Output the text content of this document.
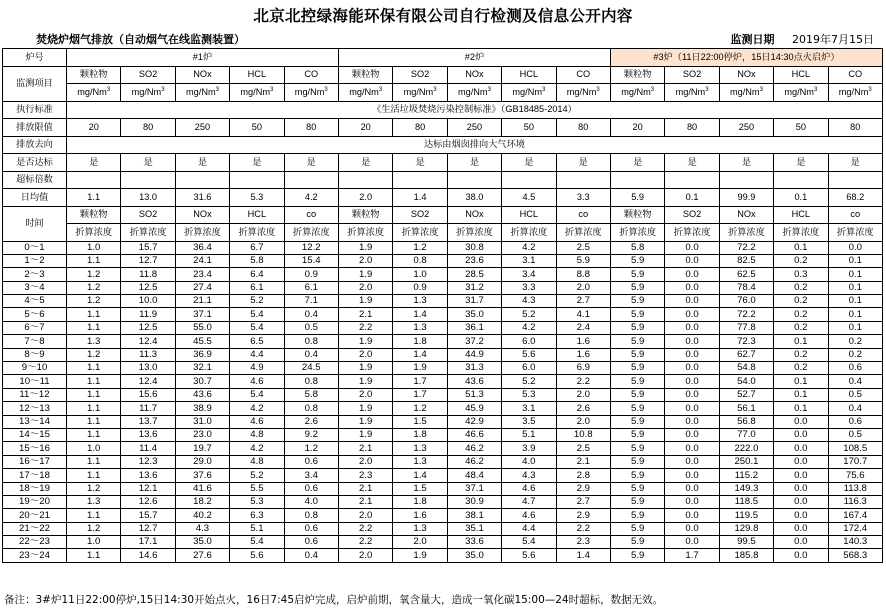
北京北控绿海能环保有限公司自行检测及信息公开内容
焚烧炉烟气排放（自动烟气在线监测装置）	监测日期 2019年7月15日
炉号	#1炉					#2炉					#3炉（11日22:00停炉，15日14:30点火启炉）				
监测项目	颗粒物	SO2	NOx	HCL	CO	颗粒物	SO2	NOx	HCL	CO	颗粒物	SO2	NOx	HCL	CO
	mg/Nm$^3$	mg/Nm$^3$	mg/Nm$^3$	mg/Nm$^3$	mg/Nm$^3$	mg/Nm$^3$	mg/Nm$^3$	mg/Nm$^3$	mg/Nm$^3$	mg/Nm$^3$	mg/Nm$^3$	mg/Nm$^3$	mg/Nm$^3$	mg/Nm$^3$	mg/Nm$^3$
执行标准	《生活垃圾焚烧污染控制标准》（GB18485-2014）														
排放限值	20	80	250	50	80	20	80	250	50	80	20	80	250	50	80
排放去向	达标由烟囱排向大气环境														
是否达标	是	是	是	是	是	是	是	是	是	是	是	是	是	是	是
超标倍数															
日均值	1.1	13.0	31.6	5.3	4.2	2.0	1.4	38.0	4.5	3.3	5.9	0.1	99.9	0.1	68.2
时间	颗粒物	SO2	NOx	HCL	co	颗粒物	SO2	NOx	HCL	co	颗粒物	SO2	NOx	HCL	co
	折算浓度	折算浓度	折算浓度	折算浓度	折算浓度	折算浓度	折算浓度	折算浓度	折算浓度	折算浓度	折算浓度	折算浓度	折算浓度	折算浓度	折算浓度
0～1	1.0	15.7	36.4	6.7	12.2	1.9	1.2	30.8	4.2	2.5	5.8	0.0	72.2	0.1	0.0
1～2	1.1	12.7	24.1	5.8	15.4	2.0	0.8	23.6	3.1	5.9	5.9	0.0	82.5	0.2	0.1
2～3	1.2	11.8	23.4	6.4	0.9	1.9	1.0	28.5	3.4	8.8	5.9	0.0	62.5	0.3	0.1
3～4	1.2	12.5	27.4	6.1	6.1	2.0	0.9	31.2	3.3	2.0	5.9	0.0	78.4	0.2	0.1
4～5	1.2	10.0	21.1	5.2	7.1	1.9	1.3	31.7	4.3	2.7	5.9	0.0	76.0	0.2	0.1
5～6	1.1	11.9	37.1	5.4	0.4	2.1	1.4	35.0	5.2	4.1	5.9	0.0	72.2	0.2	0.1
6～7	1.1	12.5	55.0	5.4	0.5	2.2	1.3	36.1	4.2	2.4	5.9	0.0	77.8	0.2	0.1
7～8	1.3	12.4	45.5	6.5	0.8	1.9	1.8	37.2	6.0	1.6	5.9	0.0	72.3	0.1	0.2
8～9	1.2	11.3	36.9	4.4	0.4	2.0	1.4	44.9	5.6	1.6	5.9	0.0	62.7	0.2	0.2
9～10	1.1	13.0	32.1	4.9	24.5	1.9	1.9	31.3	6.0	6.9	5.9	0.0	54.8	0.2	0.6
10～11	1.1	12.4	30.7	4.6	0.8	1.9	1.7	43.6	5.2	2.2	5.9	0.0	54.0	0.1	0.4
11～12	1.1	15.6	43.6	5.4	5.8	2.0	1.7	51.3	5.3	2.0	5.9	0.0	52.7	0.1	0.5
12～13	1.1	11.7	38.9	4.2	0.8	1.9	1.2	45.9	3.1	2.6	5.9	0.0	56.1	0.1	0.4
13～14	1.1	13.7	31.0	4.6	2.6	1.9	1.5	42.9	3.5	2.0	5.9	0.0	56.8	0.0	0.6
14～15	1.1	13.6	23.0	4.8	9.2	1.9	1.8	46.6	5.1	10.8	5.9	0.0	77.0	0.0	0.5
15～16	1.0	11.4	19.7	4.2	1.2	2.1	1.3	46.2	3.9	2.5	5.9	0.0	222.0	0.0	108.5
16～17	1.1	12.3	29.0	4.8	0.6	2.0	1.3	46.2	4.0	2.1	5.9	0.0	250.1	0.0	170.7
17～18	1.1	13.6	37.6	5.2	3.4	2.3	1.4	48.4	4.3	2.8	5.9	0.0	115.2	0.0	75.6
18～19	1.2	12.1	41.6	5.5	0.6	2.1	1.5	37.1	4.6	2.9	5.9	0.0	149.3	0.0	113.8
19～20	1.3	12.6	18.2	5.3	4.0	2.1	1.8	30.9	4.7	2.7	5.9	0.0	118.5	0.0	116.3
20～21	1.1	15.7	40.2	6.3	0.8	2.0	1.6	38.1	4.6	2.9	5.9	0.0	119.5	0.0	167.4
21～22	1.2	12.7	4.3	5.1	0.6	2.2	1.3	35.1	4.4	2.2	5.9	0.0	129.8	0.0	172.4
22～23	1.0	17.1	35.0	5.4	0.6	2.2	2.0	33.6	5.4	2.3	5.9	0.0	99.5	0.0	140.3
23～24	1.1	14.6	27.6	5.6	0.4	2.0	1.9	35.0	5.6	1.4	5.9	1.7	185.8	0.0	568.3
备注：3#炉11日22:00停炉,15日14:30开始点火，16日7:45启炉完成，启炉前期，氧含量大，造成一氧化碳15:00—24时超标，数据无效。
